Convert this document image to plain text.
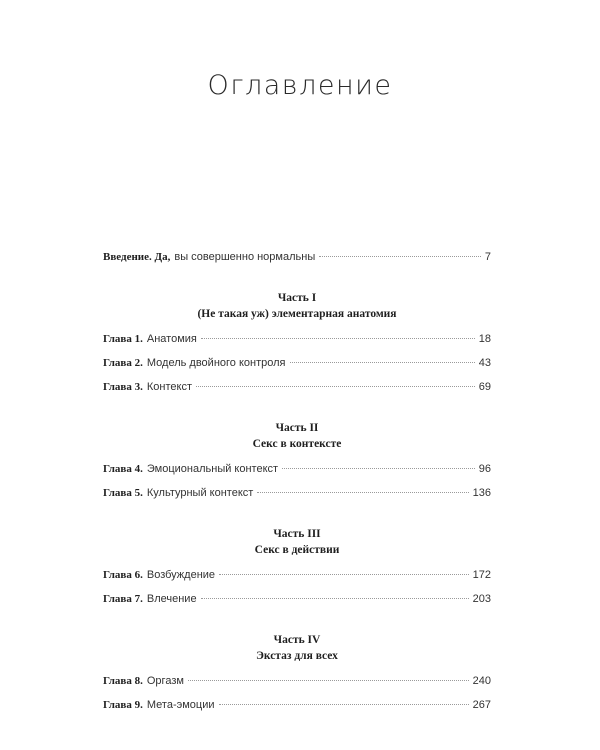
Оглавление
Введение. Да, вы совершенно нормальны	7
Часть I
(Не такая уж) элементарная анатомия
Глава 1. Анатомия	18
Глава 2. Модель двойного контроля	43
Глава 3. Контекст	69
Часть II
Секс в контексте
Глава 4. Эмоциональный контекст	96
Глава 5. Культурный контекст	136
Часть III
Секс в действии
Глава 6. Возбуждение	172
Глава 7. Влечение	203
Часть IV
Экстаз для всех
Глава 8. Оргазм	240
Глава 9. Мета-эмоции	267
